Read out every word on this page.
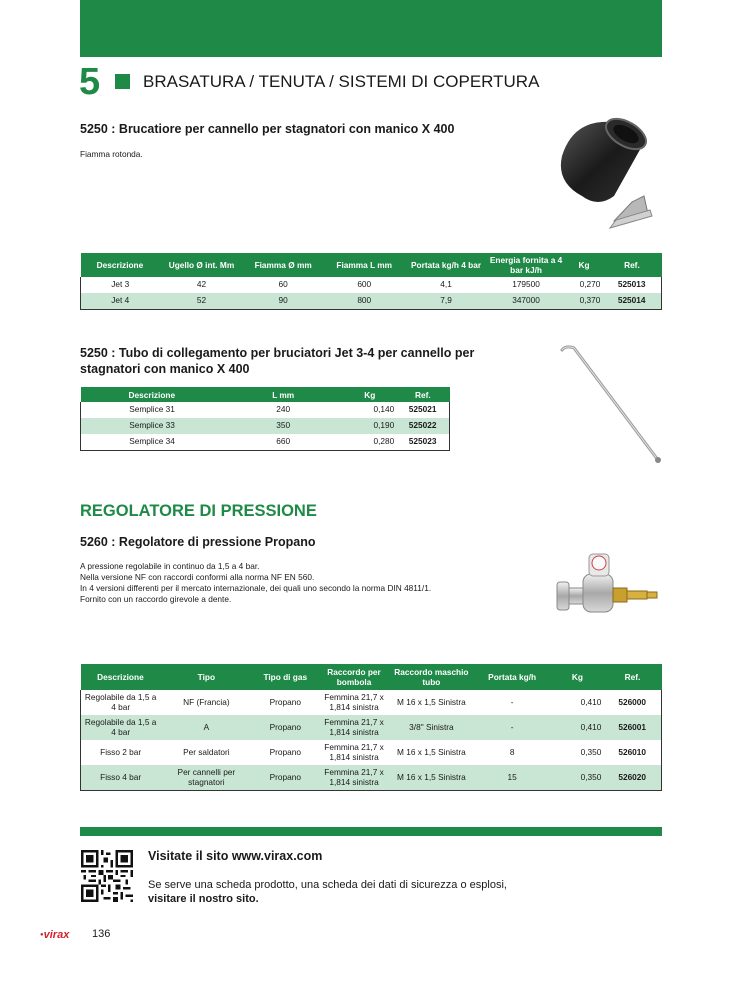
5	BRASATURA / TENUTA / SISTEMI DI COPERTURA
5250 : Brucatiore per cannello per stagnatori con manico X 400
Fiamma rotonda.
Descrizione	Ugello Ø int. Mm	Fiamma Ø mm	Fiamma L mm	Portata kg/h 4 bar	Energia fornita a 4 bar kJ/h	Kg	Ref.
Jet 3	42	60	600	4,1	179500	0,270	525013
Jet 4	52	90	800	7,9	347000	0,370	525014
5250 : Tubo di collegamento per bruciatori Jet 3-4 per cannello per
stagnatori con manico X 400
Descrizione	L mm	Kg	Ref.
Semplice 31	240	0,140	525021
Semplice 33	350	0,190	525022
Semplice 34	660	0,280	525023
REGOLATORE DI PRESSIONE
5260 : Regolatore di pressione Propano
A pressione regolabile in continuo da 1,5 a 4 bar.
Nella versione NF con raccordi conformi alla norma NF EN 560.
In 4 versioni differenti per il mercato internazionale, dei quali uno secondo la norma DIN 4811/1.
Fornito con un raccordo girevole a dente.
Descrizione	Tipo	Tipo di gas	Raccordo per bombola	Raccordo maschio tubo	Portata kg/h	Kg	Ref.
Regolabile da 1,5 a 4 bar	NF (Francia)	Propano	Femmina 21,7 x 1,814 sinistra	M 16 x 1,5 Sinistra	-	0,410	526000
Regolabile da 1,5 a 4 bar	A	Propano	Femmina 21,7 x 1,814 sinistra	3/8" Sinistra	-	0,410	526001
Fisso 2 bar	Per saldatori	Propano	Femmina 21,7 x 1,814 sinistra	M 16 x 1,5 Sinistra	8	0,350	526010
Fisso 4 bar	Per cannelli per stagnatori	Propano	Femmina 21,7 x 1,814 sinistra	M 16 x 1,5 Sinistra	15	0,350	526020
Visitate il sito www.virax.com
Se serve una scheda prodotto, una scheda dei dati di sicurezza o esplosi,
visitare il nostro sito.
●virax 136
